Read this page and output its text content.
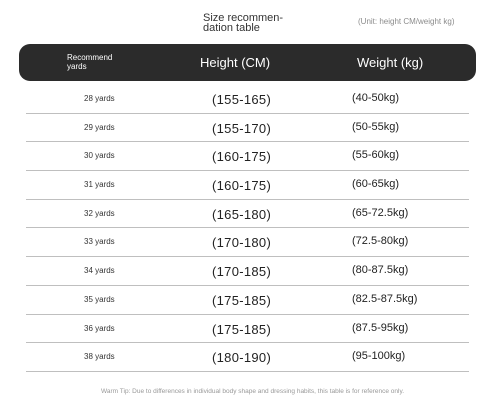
Size recommen-
dation table
(Unit: height CM/weight kg)
Recommend
yards	Height (CM)	Weight (kg)
28 yards	(155-165)	(40-50kg)
29 yards	(155-170)	(50-55kg)
30 yards	(160-175)	(55-60kg)
31 yards	(160-175)	(60-65kg)
32 yards	(165-180)	(65-72.5kg)
33 yards	(170-180)	(72.5-80kg)
34 yards	(170-185)	(80-87.5kg)
35 yards	(175-185)	(82.5-87.5kg)
36 yards	(175-185)	(87.5-95kg)
38 yards	(180-190)	(95-100kg)
Warm Tip: Due to differences in individual body shape and dressing habits, this table is for reference only.
